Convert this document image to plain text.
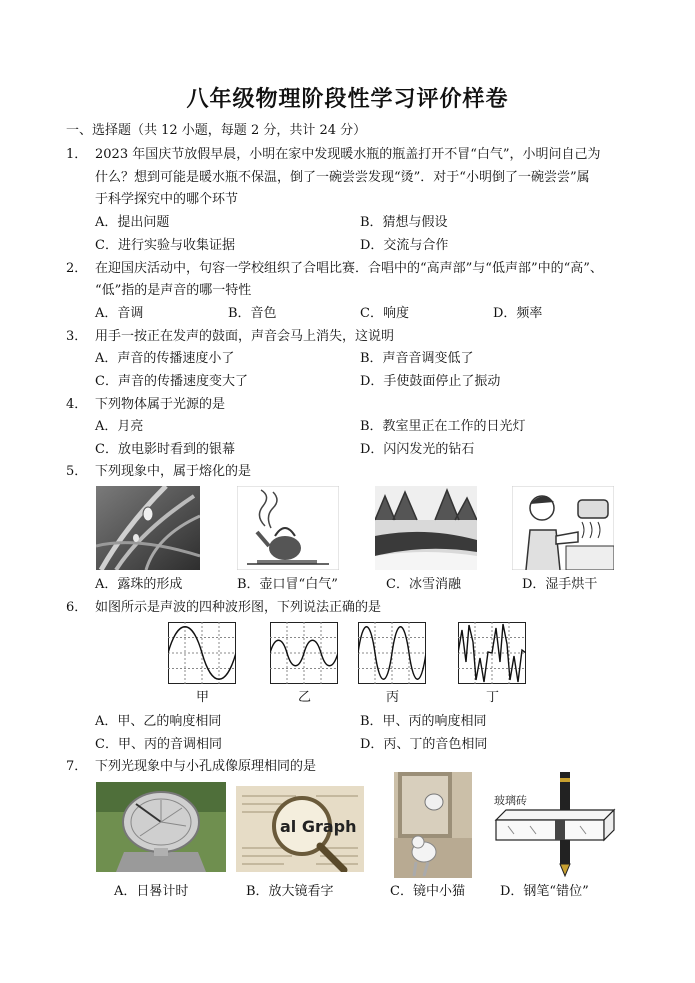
八年级物理阶段性学习评价样卷
一、选择题（共 12 小题，每题 2 分，共计 24 分）
1． 2023 年国庆节放假早晨，小明在家中发现暖水瓶的瓶盖打开不冒“白气”，小明问自己为
什么？想到可能是暖水瓶不保温，倒了一碗尝尝发现“烫”．对于“小明倒了一碗尝尝”属
于科学探究中的哪个环节
A．提出问题	B．猜想与假设
C．进行实验与收集证据	D．交流与合作
2． 在迎国庆活动中，句容一学校组织了合唱比赛．合唱中的“高声部”与“低声部”中的“高”、
“低”指的是声音的哪一特性
A．音调	B．音色	C．响度	D．频率
3． 用手一按正在发声的鼓面，声音会马上消失，这说明
A．声音的传播速度小了	B．声音音调变低了
C．声音的传播速度变大了	D．手使鼓面停止了振动
4． 下列物体属于光源的是
A．月亮	B．教室里正在工作的日光灯
C．放电影时看到的银幕	D．闪闪发光的钻石
5． 下列现象中，属于熔化的是
A．露珠的形成	B．壶口冒“白气”	C．冰雪消融	D．湿手烘干
6． 如图所示是声波的四种波形图，下列说法正确的是
甲	乙	丙	丁
A．甲、乙的响度相同	B．甲、丙的响度相同
C．甲、丙的音调相同	D．丙、丁的音色相同
7． 下列光现象中与小孔成像原理相同的是
al Graph
玻璃砖
A．日晷计时	B．放大镜看字	C．镜中小猫	D．钢笔“错位”
